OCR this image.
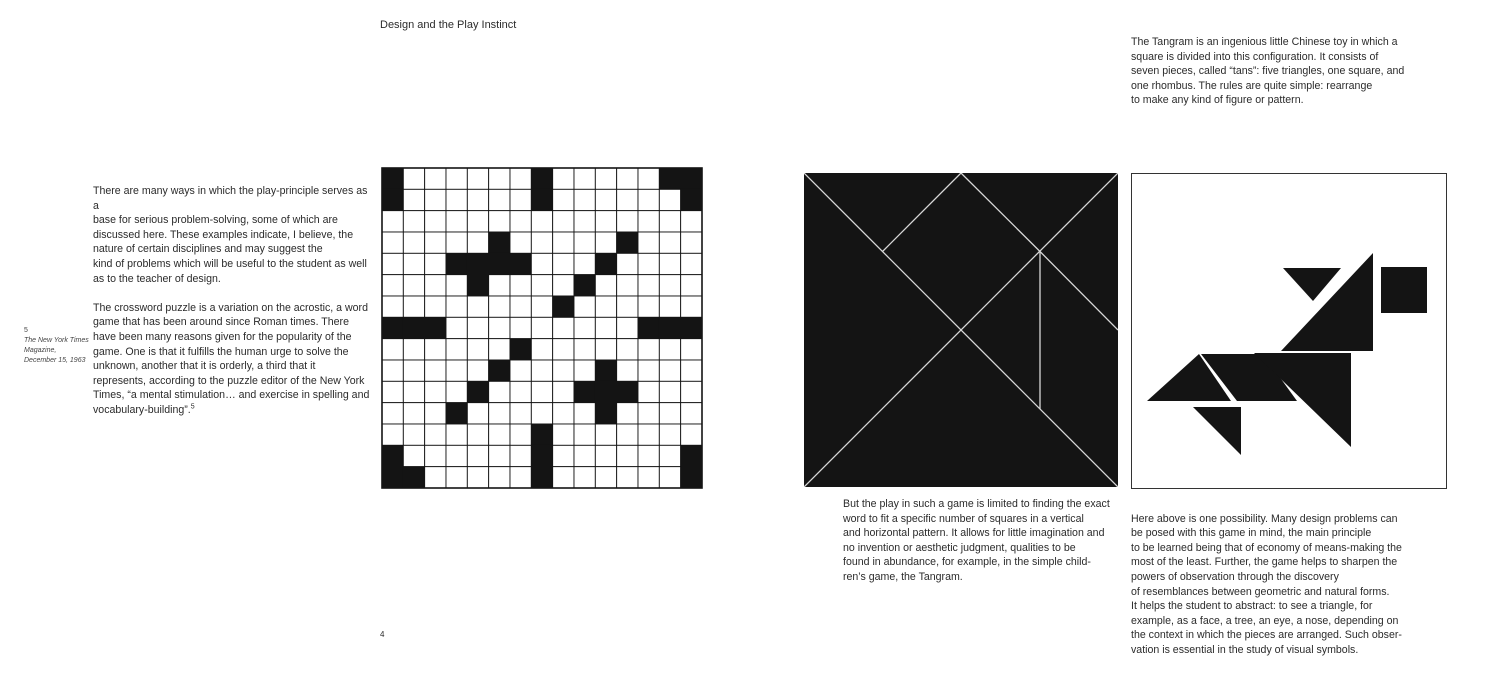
Design and the Play Instinct
5
The New York Times
Magazine,
December 15, 1963

There are many ways in which the play-principle serves as a
base for serious problem-solving, some of which are
discussed here. These examples indicate, I believe, the
nature of certain disciplines and may suggest the
kind of problems which will be useful to the student as well
as to the teacher of design.

The crossword puzzle is a variation on the acrostic, a word
game that has been around since Roman times. There
have been many reasons given for the popularity of the
game. One is that it fulfills the human urge to solve the
unknown, another that it is orderly, a third that it
represents, according to the puzzle editor of the New York
Times, “a mental stimulation… and exercise in spelling and
vocabulary-building”.$^5$

4
The Tangram is an ingenious little Chinese toy in which a
square is divided into this configuration. It consists of
seven pieces, called “tans”: five triangles, one square, and
one rhombus. The rules are quite simple: rearrange
to make any kind of figure or pattern.
But the play in such a game is limited to finding the exact
word to fit a specific number of squares in a vertical
and horizontal pattern. It allows for little imagination and
no invention or aesthetic judgment, qualities to be
found in abundance, for example, in the simple child-
ren’s game, the Tangram.
Here above is one possibility. Many design problems can
be posed with this game in mind, the main principle
to be learned being that of economy of means-making the
most of the least. Further, the game helps to sharpen the
powers of observation through the discovery
of resemblances between geometric and natural forms.
It helps the student to abstract: to see a triangle, for
example, as a face, a tree, an eye, a nose, depending on
the context in which the pieces are arranged. Such obser-
vation is essential in the study of visual symbols.
